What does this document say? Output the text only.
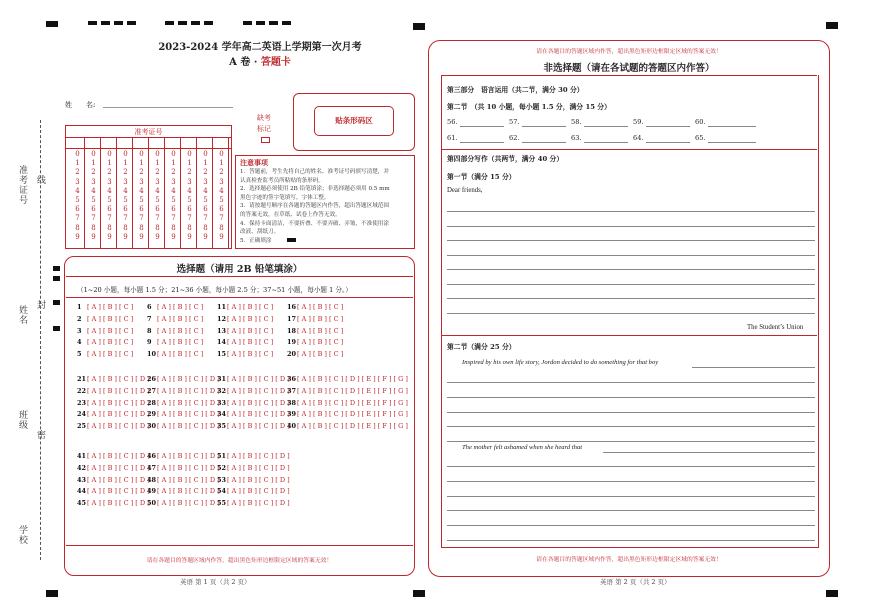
准考证号 线
姓名 封
班级
密
学校
2023-2024 学年高二英语上学期第一次月考
A 卷 · 答题卡
姓　　名:
准考证号
0
1
2
3
4
5
6
7
8
9
0
1
2
3
4
5
6
7
8
9
0
1
2
3
4
5
6
7
8
9
0
1
2
3
4
5
6
7
8
9
0
1
2
3
4
5
6
7
8
9
0
1
2
3
4
5
6
7
8
9
0
1
2
3
4
5
6
7
8
9
0
1
2
3
4
5
6
7
8
9
0
1
2
3
4
5
6
7
8
9
0
1
2
3
4
5
6
7
8
9
缺考
标记
贴条形码区
注意事项
1．答题前，考生先将自己的姓名、准考证号码填写清楚，并
认真检查监考员所粘贴的条形码。
2．选择题必须使用 2B 铅笔填涂；非选择题必须用 0.5 mm
黑色字迹的签字笔填写，字体工整。
3．请按题号顺序在各题的答题区内作答，超出答题区域范围
的答案无效，在草纸、试卷上作答无效。
4．保持卡面清洁，不要折叠、不要弄破、弄皱，不准使用涂
改液、刮纸刀。
5．正确填涂
选择题（请用 2B 铅笔填涂）
（1~20 小题，每小题 1.5 分；21~36 小题，每小题 2.5 分；37~51 小题，每小题 1 分。）
1 [ A ] [ B ] [ C ]
2 [ A ] [ B ] [ C ]
3 [ A ] [ B ] [ C ]
4 [ A ] [ B ] [ C ]
5 [ A ] [ B ] [ C ]
6 [ A ] [ B ] [ C ]
7 [ A ] [ B ] [ C ]
8 [ A ] [ B ] [ C ]
9 [ A ] [ B ] [ C ]
10[ A ] [ B ] [ C ]
11[ A ] [ B ] [ C ]
12[ A ] [ B ] [ C ]
13[ A ] [ B ] [ C ]
14[ A ] [ B ] [ C ]
15[ A ] [ B ] [ C ]
16[ A ] [ B ] [ C ]
17[ A ] [ B ] [ C ]
18[ A ] [ B ] [ C ]
19[ A ] [ B ] [ C ]
20[ A ] [ B ] [ C ]
21[ A ] [ B ] [ C ] [ D ]
22[ A ] [ B ] [ C ] [ D ]
23[ A ] [ B ] [ C ] [ D ]
24[ A ] [ B ] [ C ] [ D ]
25[ A ] [ B ] [ C ] [ D ]
26[ A ] [ B ] [ C ] [ D ]
27[ A ] [ B ] [ C ] [ D ]
28[ A ] [ B ] [ C ] [ D ]
29[ A ] [ B ] [ C ] [ D ]
30[ A ] [ B ] [ C ] [ D ]
31[ A ] [ B ] [ C ] [ D ]
32[ A ] [ B ] [ C ] [ D ]
33[ A ] [ B ] [ C ] [ D ]
34[ A ] [ B ] [ C ] [ D ]
35[ A ] [ B ] [ C ] [ D ]
36[ A ] [ B ] [ C ] [ D ] [ E ] [ F ] [ G ]
37[ A ] [ B ] [ C ] [ D ] [ E ] [ F ] [ G ]
38[ A ] [ B ] [ C ] [ D ] [ E ] [ F ] [ G ]
39[ A ] [ B ] [ C ] [ D ] [ E ] [ F ] [ G ]
40[ A ] [ B ] [ C ] [ D ] [ E ] [ F ] [ G ]
41[ A ] [ B ] [ C ] [ D ]
42[ A ] [ B ] [ C ] [ D ]
43[ A ] [ B ] [ C ] [ D ]
44[ A ] [ B ] [ C ] [ D ]
45[ A ] [ B ] [ C ] [ D ]
46[ A ] [ B ] [ C ] [ D ]
47[ A ] [ B ] [ C ] [ D ]
48[ A ] [ B ] [ C ] [ D ]
49[ A ] [ B ] [ C ] [ D ]
50[ A ] [ B ] [ C ] [ D ]
51[ A ] [ B ] [ C ] [ D ]
52[ A ] [ B ] [ C ] [ D ]
53[ A ] [ B ] [ C ] [ D ]
54[ A ] [ B ] [ C ] [ D ]
55[ A ] [ B ] [ C ] [ D ]
请在各题目的答题区域内作答，超出黑色矩形边框限定区域的答案无效！
英语 第 1 页（共 2 页）
请在各题目的答题区域内作答，超出黑色矩形边框限定区域的答案无效！
非选择题（请在各试题的答题区内作答）
第三部分　语言运用（共二节，满分 30 分）
第二节　（共 10 小题，每小题 1.5 分，满分 15 分）
56.	57.	58.	59.	60.
61.	62.	63.	64.	65.
第四部分写作（共两节，满分 40 分）
第一节（满分 15 分）
Dear friends,
The Student’s Union
第二节（满分 25 分）
Inspired by his own life story, Jordon decided to do something for that boy
The mother felt ashamed when she heard that
请在各题目的答题区域内作答，超出黑色矩形边框限定区域的答案无效！
英语 第 2 页（共 2 页）
